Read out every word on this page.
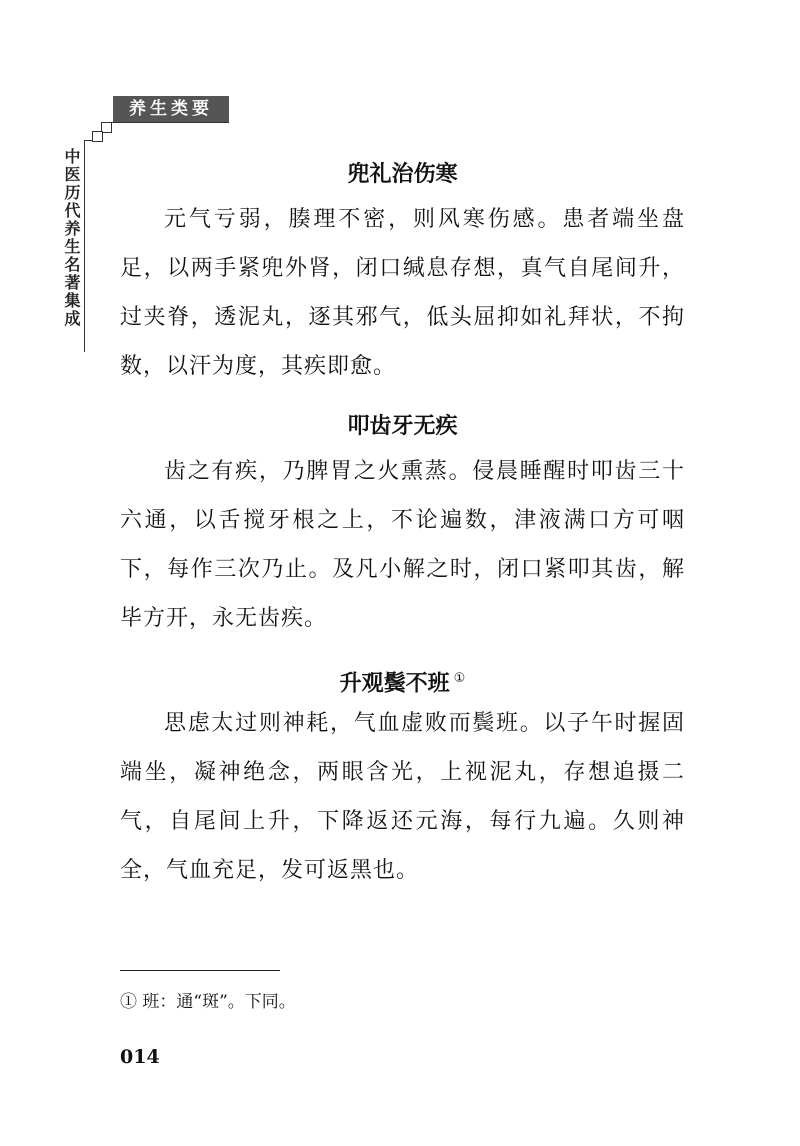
养生类要
中医历代养生名著集成	兜礼治伤寒

元气亏弱，腠理不密，则风寒伤感。患者端坐盘足，以两手紧兜外肾，闭口缄息存想，真气自尾间升，过夹脊，透泥丸，逐其邪气，低头屈抑如礼拜状，不拘数，以汗为度，其疾即愈。

叩齿牙无疾

齿之有疾，乃脾胃之火熏蒸。侵晨睡醒时叩齿三十六通，以舌搅牙根之上，不论遍数，津液满口方可咽下，每作三次乃止。及凡小解之时，闭口紧叩其齿，解毕方开，永无齿疾。

升观鬓不班 ①

思虑太过则神耗，气血虚败而鬓班。以子午时握固端坐，凝神绝念，两眼含光，上视泥丸，存想追摄二气，自尾间上升，下降返还元海，每行九遍。久则神全，气血充足，发可返黑也。

① 班：通“斑”。下同。
014
